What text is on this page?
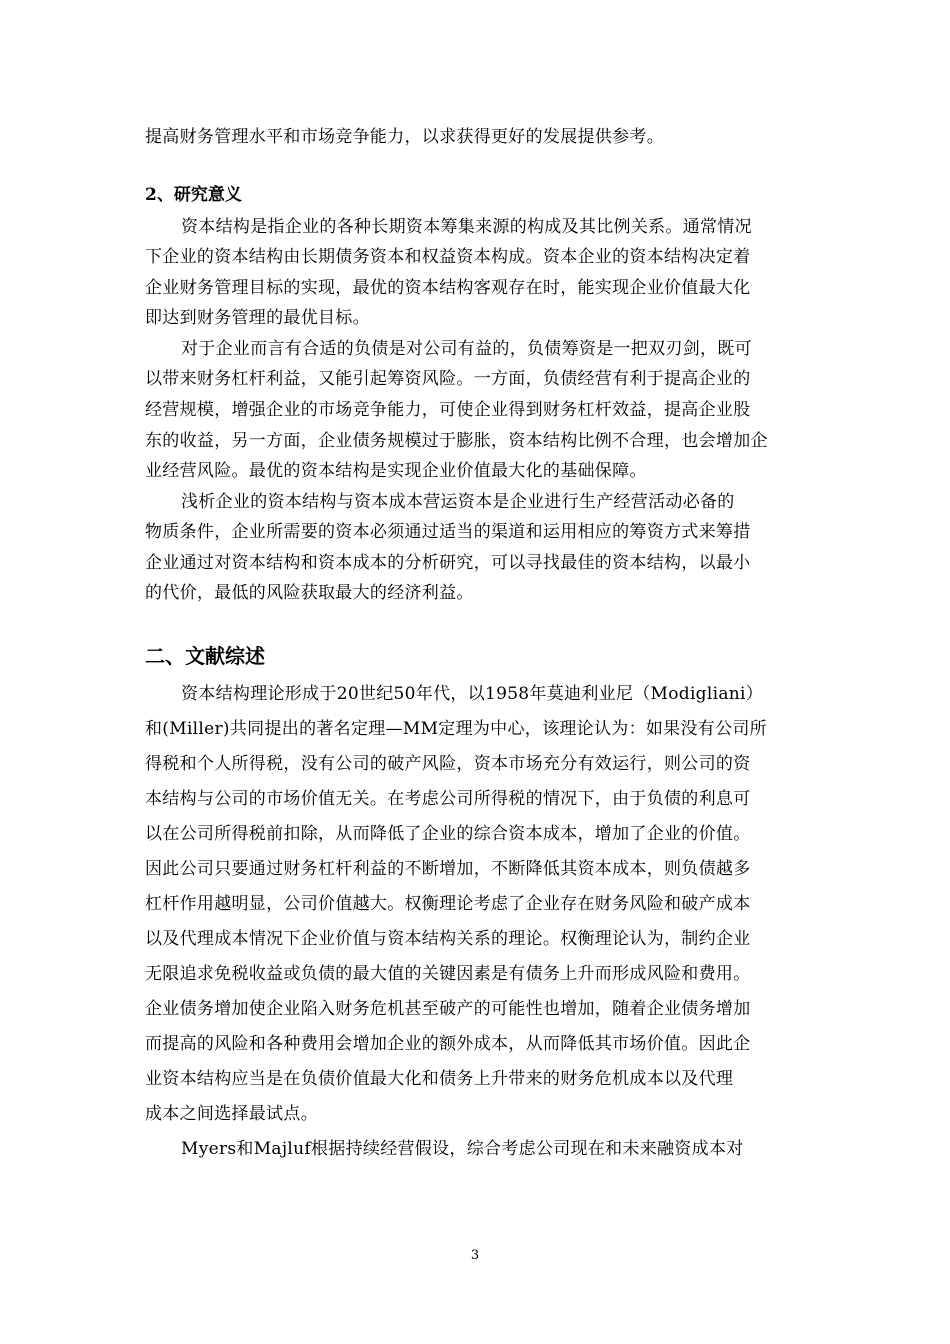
提高财务管理水平和市场竞争能力，以求获得更好的发展提供参考。
2、研究意义
资本结构是指企业的各种长期资本筹集来源的构成及其比例关系。通常情况
下企业的资本结构由长期债务资本和权益资本构成。资本企业的资本结构决定着
企业财务管理目标的实现，最优的资本结构客观存在时，能实现企业价值最大化
即达到财务管理的最优目标。
对于企业而言有合适的负债是对公司有益的，负债筹资是一把双刃剑，既可
以带来财务杠杆利益，又能引起筹资风险。一方面，负债经营有利于提高企业的
经营规模，增强企业的市场竞争能力，可使企业得到财务杠杆效益，提高企业股
东的收益，另一方面，企业债务规模过于膨胀，资本结构比例不合理，也会增加企
业经营风险。最优的资本结构是实现企业价值最大化的基础保障。
浅析企业的资本结构与资本成本营运资本是企业进行生产经营活动必备的
物质条件，企业所需要的资本必须通过适当的渠道和运用相应的筹资方式来筹措
企业通过对资本结构和资本成本的分析研究，可以寻找最佳的资本结构，以最小
的代价，最低的风险获取最大的经济利益。
二、文献综述
资本结构理论形成于20世纪50年代，以1958年莫迪利业尼（Modigliani）
和(Miller)共同提出的著名定理—MM定理为中心，该理论认为：如果没有公司所
得税和个人所得税，没有公司的破产风险，资本市场充分有效运行，则公司的资
本结构与公司的市场价值无关。在考虑公司所得税的情况下，由于负债的利息可
以在公司所得税前扣除，从而降低了企业的综合资本成本，增加了企业的价值。
因此公司只要通过财务杠杆利益的不断增加，不断降低其资本成本，则负债越多
杠杆作用越明显，公司价值越大。权衡理论考虑了企业存在财务风险和破产成本
以及代理成本情况下企业价值与资本结构关系的理论。权衡理论认为，制约企业
无限追求免税收益或负债的最大值的关键因素是有债务上升而形成风险和费用。
企业债务增加使企业陷入财务危机甚至破产的可能性也增加，随着企业债务增加
而提高的风险和各种费用会增加企业的额外成本，从而降低其市场价值。因此企
业资本结构应当是在负债价值最大化和债务上升带来的财务危机成本以及代理
成本之间选择最试点。
Myers和Majluf根据持续经营假设，综合考虑公司现在和未来融资成本对
3
